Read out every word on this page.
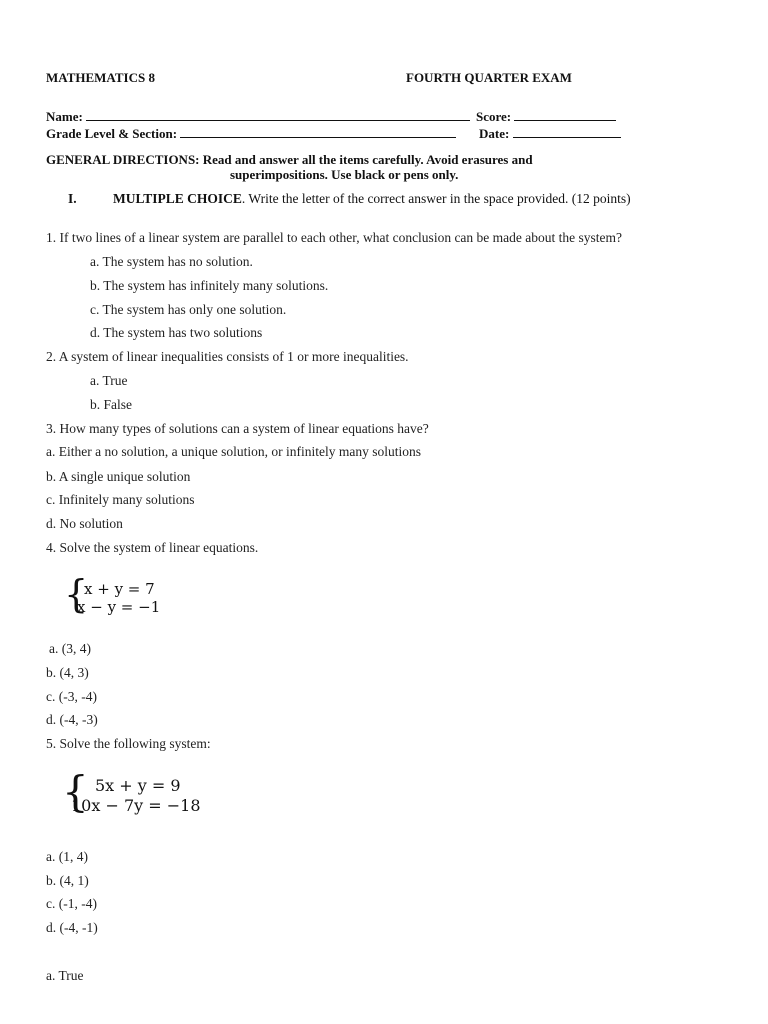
MATHEMATICS 8	FOURTH QUARTER EXAM
Name:	Score:
Grade Level & Section:	Date:
GENERAL DIRECTIONS: Read and answer all the items carefully. Avoid erasures and
superimpositions. Use black or pens only.
I.	MULTIPLE CHOICE. Write the letter of the correct answer in the space provided. (12 points)
1. If two lines of a linear system are parallel to each other, what conclusion can be made about the system?
a. The system has no solution.
b. The system has infinitely many solutions.
c. The system has only one solution.
d. The system has two solutions
2. A system of linear inequalities consists of 1 or more inequalities.
a. True
b. False
3. How many types of solutions can a system of linear equations have?
a. Either a no solution, a unique solution, or infinitely many solutions
b. A single unique solution
c. Infinitely many solutions
d. No solution
4. Solve the system of linear equations.
{
x + y = 7
x − y = −1
a. (3, 4)
b. (4, 3)
c. (-3, -4)
d. (-4, -3)
5. Solve the following system:
{ 5x + y = 9
10x − 7y = −18
a. (1, 4)
b. (4, 1)
c. (-1, -4)
d. (-4, -1)
a. True
